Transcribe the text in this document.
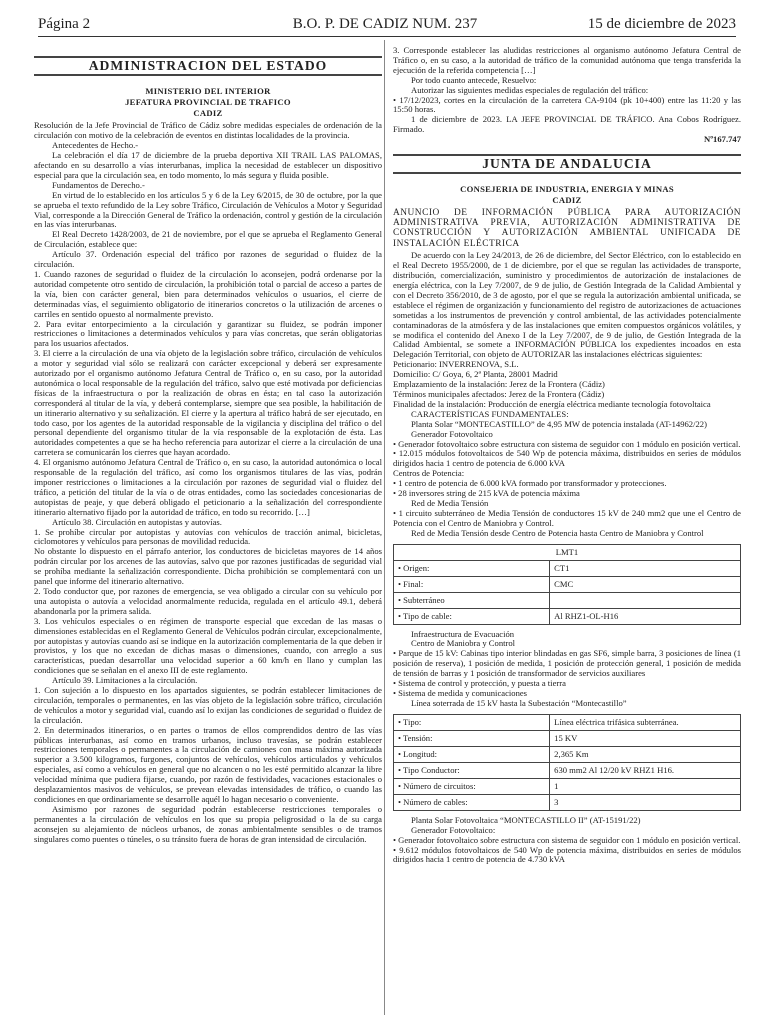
Página 2	B.O. P. DE CADIZ NUM. 237	15 de diciembre de 2023
ADMINISTRACION DEL ESTADO
MINISTERIO DEL INTERIOR
JEFATURA PROVINCIAL DE TRAFICO
CADIZ

Resolución de la Jefe Provincial de Tráfico de Cádiz sobre medidas especiales de ordenación de la circulación con motivo de la celebración de eventos en distintas localidades de la provincia.

Antecedentes de Hecho.-

La celebración el día 17 de diciembre de la prueba deportiva XII TRAIL LAS PALOMAS, afectando en su desarrollo a vías interurbanas, implica la necesidad de establecer un dispositivo especial para que la circulación sea, en todo momento, lo más segura y fluida posible.

Fundamentos de Derecho.-

En virtud de lo establecido en los artículos 5 y 6 de la Ley 6/2015, de 30 de octubre, por la que se aprueba el texto refundido de la Ley sobre Tráfico, Circulación de Vehículos a Motor y Seguridad Vial, corresponde a la Dirección General de Tráfico la ordenación, control y gestión de la circulación en las vías interurbanas.

El Real Decreto 1428/2003, de 21 de noviembre, por el que se aprueba el Reglamento General de Circulación, establece que:

Artículo 37. Ordenación especial del tráfico por razones de seguridad o fluidez de la circulación.

1. Cuando razones de seguridad o fluidez de la circulación lo aconsejen, podrá ordenarse por la autoridad competente otro sentido de circulación, la prohibición total o parcial de acceso a partes de la vía, bien con carácter general, bien para determinados vehículos o usuarios, el cierre de determinadas vías, el seguimiento obligatorio de itinerarios concretos o la utilización de arcenes o carriles en sentido opuesto al normalmente previsto.

2. Para evitar entorpecimiento a la circulación y garantizar su fluidez, se podrán imponer restricciones o limitaciones a determinados vehículos y para vías concretas, que serán obligatorias para los usuarios afectados.

3. El cierre a la circulación de una vía objeto de la legislación sobre tráfico, circulación de vehículos a motor y seguridad vial sólo se realizará con carácter excepcional y deberá ser expresamente autorizado por el organismo autónomo Jefatura Central de Tráfico o, en su caso, por la autoridad autonómica o local responsable de la regulación del tráfico, salvo que esté motivada por deficiencias físicas de la infraestructura o por la realización de obras en ésta; en tal caso la autorización corresponderá al titular de la vía, y deberá contemplarse, siempre que sea posible, la habilitación de un itinerario alternativo y su señalización. El cierre y la apertura al tráfico habrá de ser ejecutado, en todo caso, por los agentes de la autoridad responsable de la vigilancia y disciplina del tráfico o del personal dependiente del organismo titular de la vía responsable de la explotación de ésta. Las autoridades competentes a que se ha hecho referencia para autorizar el cierre a la circulación de una carretera se comunicarán los cierres que hayan acordado.

4. El organismo autónomo Jefatura Central de Tráfico o, en su caso, la autoridad autonómica o local responsable de la regulación del tráfico, así como los organismos titulares de las vías, podrán imponer restricciones o limitaciones a la circulación por razones de seguridad vial o fluidez del tráfico, a petición del titular de la vía o de otras entidades, como las sociedades concesionarias de autopistas de peaje, y que deberá obligado el peticionario a la señalización del correspondiente itinerario alternativo fijado por la autoridad de tráfico, en todo su recorrido. […]

Artículo 38. Circulación en autopistas y autovías.

1. Se prohíbe circular por autopistas y autovías con vehículos de tracción animal, bicicletas, ciclomotores y vehículos para personas de movilidad reducida.

No obstante lo dispuesto en el párrafo anterior, los conductores de bicicletas mayores de 14 años podrán circular por los arcenes de las autovías, salvo que por razones justificadas de seguridad vial se prohíba mediante la señalización correspondiente. Dicha prohibición se complementará con un panel que informe del itinerario alternativo.

2. Todo conductor que, por razones de emergencia, se vea obligado a circular con su vehículo por una autopista o autovía a velocidad anormalmente reducida, regulada en el artículo 49.1, deberá abandonarla por la primera salida.

3. Los vehículos especiales o en régimen de transporte especial que excedan de las masas o dimensiones establecidas en el Reglamento General de Vehículos podrán circular, excepcionalmente, por autopistas y autovías cuando así se indique en la autorización complementaria de la que deben ir provistos, y los que no excedan de dichas masas o dimensiones, cuando, con arreglo a sus características, puedan desarrollar una velocidad superior a 60 km/h en llano y cumplan las condiciones que se señalan en el anexo III de este reglamento.

Artículo 39. Limitaciones a la circulación.

1. Con sujeción a lo dispuesto en los apartados siguientes, se podrán establecer limitaciones de circulación, temporales o permanentes, en las vías objeto de la legislación sobre tráfico, circulación de vehículos a motor y seguridad vial, cuando así lo exijan las condiciones de seguridad o fluidez de la circulación.

2. En determinados itinerarios, o en partes o tramos de ellos comprendidos dentro de las vías públicas interurbanas, así como en tramos urbanos, incluso travesías, se podrán establecer restricciones temporales o permanentes a la circulación de camiones con masa máxima autorizada superior a 3.500 kilogramos, furgones, conjuntos de vehículos, vehículos articulados y vehículos especiales, así como a vehículos en general que no alcancen o no les esté permitido alcanzar la libre velocidad mínima que pudiera fijarse, cuando, por razón de festividades, vacaciones estacionales o desplazamientos masivos de vehículos, se prevean elevadas intensidades de tráfico, o cuando las condiciones en que ordinariamente se desarrolle aquél lo hagan necesario o conveniente.

Asimismo por razones de seguridad podrán establecerse restricciones temporales o permanentes a la circulación de vehículos en los que su propia peligrosidad o la de su carga aconsejen su alejamiento de núcleos urbanos, de zonas ambientalmente sensibles o de tramos singulares como puentes o túneles, o su tránsito fuera de horas de gran intensidad de circulación.

3. Corresponde establecer las aludidas restricciones al organismo autónomo Jefatura Central de Tráfico o, en su caso, a la autoridad de tráfico de la comunidad autónoma que tenga transferida la ejecución de la referida competencia […]

Por todo cuanto antecede, Resuelvo:

Autorizar las siguientes medidas especiales de regulación del tráfico:

• 17/12/2023, cortes en la circulación de la carretera CA-9104 (pk 10+400) entre las 11:20 y las 15:50 horas.

1 de diciembre de 2023. LA JEFE PROVINCIAL DE TRÁFICO. Ana Cobos Rodríguez. Firmado.

Nº167.747

JUNTA DE ANDALUCIA
CONSEJERIA DE INDUSTRIA, ENERGIA Y MINAS
CADIZ
ANUNCIO DE INFORMACIÓN PÚBLICA PARA AUTORIZACIÓN ADMINISTRATIVA PREVIA, AUTORIZACIÓN ADMINISTRATIVA DE CONSTRUCCIÓN Y AUTORIZACIÓN AMBIENTAL UNIFICADA DE INSTALACIÓN ELÉCTRICA

De acuerdo con la Ley 24/2013, de 26 de diciembre, del Sector Eléctrico, con lo establecido en el Real Decreto 1955/2000, de 1 de diciembre, por el que se regulan las actividades de transporte, distribución, comercialización, suministro y procedimientos de autorización de instalaciones de energía eléctrica, con la Ley 7/2007, de 9 de julio, de Gestión Integrada de la Calidad Ambiental y con el Decreto 356/2010, de 3 de agosto, por el que se regula la autorización ambiental unificada, se establece el régimen de organización y funcionamiento del registro de autorizaciones de actuaciones sometidas a los instrumentos de prevención y control ambiental, de las actividades potencialmente contaminadoras de la atmósfera y de las instalaciones que emiten compuestos orgánicos volátiles, y se modifica el contenido del Anexo I de la Ley 7/2007, de 9 de julio, de Gestión Integrada de la Calidad Ambiental, se somete a INFORMACIÓN PÚBLICA los expedientes incoados en esta Delegación Territorial, con objeto de AUTORIZAR las instalaciones eléctricas siguientes:

Peticionario: INVERRENOVA, S.L.

Domicilio: C/ Goya, 6, 2ª Planta, 28001 Madrid

Emplazamiento de la instalación: Jerez de la Frontera (Cádiz)

Términos municipales afectados: Jerez de la Frontera (Cádiz)

Finalidad de la instalación: Producción de energía eléctrica mediante tecnología fotovoltaica

CARACTERÍSTICAS FUNDAMENTALES:

Planta Solar “MONTECASTILLO” de 4,95 MW de potencia instalada (AT-14962/22)

Generador Fotovoltaico

• Generador fotovoltaico sobre estructura con sistema de seguidor con 1 módulo en posición vertical.

• 12.015 módulos fotovoltaicos de 540 Wp de potencia máxima, distribuidos en series de módulos dirigidos hacia 1 centro de potencia de 6.000 kVA

Centros de Potencia:

• 1 centro de potencia de 6.000 kVA formado por transformador y protecciones.

• 28 inversores string de 215 kVA de potencia máxima

Red de Media Tensión

• 1 circuito subterráneo de Media Tensión de conductores 15 kV de 240 mm2 que une el Centro de Potencia con el Centro de Maniobra y Control.

Red de Media Tensión desde Centro de Potencia hasta Centro de Maniobra y Control

LMT1	
• Origen:	CT1
• Final:	CMC
• Subterráneo	
• Tipo de cable:	Al RHZ1-OL-H16

Infraestructura de Evacuación

Centro de Maniobra y Control

• Parque de 15 kV: Cabinas tipo interior blindadas en gas SF6, simple barra, 3 posiciones de línea (1 posición de reserva), 1 posición de medida, 1 posición de protección general, 1 posición de medida de tensión de barras y 1 posición de transformador de servicios auxiliares

• Sistema de control y protección, y puesta a tierra

• Sistema de medida y comunicaciones

Línea soterrada de 15 kV hasta la Subestación “Montecastillo”

• Tipo:	Línea eléctrica trifásica subterránea.
• Tensión:	15 KV
• Longitud:	2,365 Km
• Tipo Conductor:	630 mm2 Al 12/20 kV RHZ1 H16.
• Número de circuitos:	1
• Número de cables:	3

Planta Solar Fotovoltaica “MONTECASTILLO II” (AT-15191/22)

Generador Fotovoltaico:

• Generador fotovoltaico sobre estructura con sistema de seguidor con 1 módulo en posición vertical.

• 9.612 módulos fotovoltaicos de 540 Wp de potencia máxima, distribuidos en series de módulos dirigidos hacia 1 centro de potencia de 4.730 kVA
